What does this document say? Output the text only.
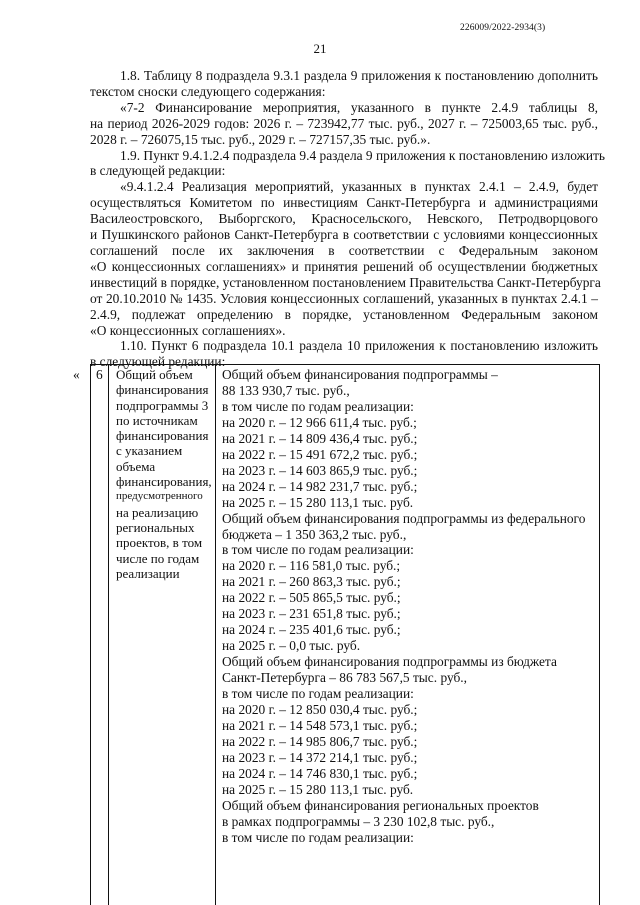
226009/2022-2934(3)
21
1.8. Таблицу 8 подраздела 9.3.1 раздела 9 приложения к постановлению дополнить
текстом сноски следующего содержания:
«7-2 Финансирование мероприятия, указанного в пункте 2.4.9 таблицы 8,
на период 2026-2029 годов: 2026 г. – 723942,77 тыс. руб., 2027 г. – 725003,65 тыс. руб.,
2028 г. – 726075,15 тыс. руб., 2029 г. – 727157,35 тыс. руб.».
1.9. Пункт 9.4.1.2.4 подраздела 9.4 раздела 9 приложения к постановлению изложить
в следующей редакции:
«9.4.1.2.4 Реализация мероприятий, указанных в пунктах 2.4.1 – 2.4.9, будет
осуществляться Комитетом по инвестициям Санкт-Петербурга и администрациями
Василеостровского, Выборгского, Красносельского, Невского, Петродворцового
и Пушкинского районов Санкт-Петербурга в соответствии с условиями концессионных
соглашений после их заключения в соответствии с Федеральным законом
«О концессионных соглашениях» и принятия решений об осуществлении бюджетных
инвестиций в порядке, установленном постановлением Правительства Санкт-Петербурга
от 20.10.2010 № 1435. Условия концессионных соглашений, указанных в пунктах 2.4.1 –
2.4.9, подлежат определению в порядке, установленном Федеральным законом
«О концессионных соглашениях».
1.10. Пункт 6 подраздела 10.1 раздела 10 приложения к постановлению изложить
в следующей редакции:
« 6 Общий объем
финансирования
подпрограммы 3
по источникам
финансирования
с указанием
объема
финансирования,
предусмотренного
на реализацию
региональных
проектов, в том
числе по годам
реализации
Общий объем финансирования подпрограммы –
88 133 930,7 тыс. руб.,
в том числе по годам реализации:
на 2020 г. – 12 966 611,4 тыс. руб.;
на 2021 г. – 14 809 436,4 тыс. руб.;
на 2022 г. – 15 491 672,2 тыс. руб.;
на 2023 г. – 14 603 865,9 тыс. руб.;
на 2024 г. – 14 982 231,7 тыс. руб.;
на 2025 г. – 15 280 113,1 тыс. руб.
Общий объем финансирования подпрограммы из федерального
бюджета – 1 350 363,2 тыс. руб.,
в том числе по годам реализации:
на 2020 г. – 116 581,0 тыс. руб.;
на 2021 г. – 260 863,3 тыс. руб.;
на 2022 г. – 505 865,5 тыс. руб.;
на 2023 г. – 231 651,8 тыс. руб.;
на 2024 г. – 235 401,6 тыс. руб.;
на 2025 г. – 0,0 тыс. руб.
Общий объем финансирования подпрограммы из бюджета
Санкт-Петербурга – 86 783 567,5 тыс. руб.,
в том числе по годам реализации:
на 2020 г. – 12 850 030,4 тыс. руб.;
на 2021 г. – 14 548 573,1 тыс. руб.;
на 2022 г. – 14 985 806,7 тыс. руб.;
на 2023 г. – 14 372 214,1 тыс. руб.;
на 2024 г. – 14 746 830,1 тыс. руб.;
на 2025 г. – 15 280 113,1 тыс. руб.
Общий объем финансирования региональных проектов
в рамках подпрограммы – 3 230 102,8 тыс. руб.,
в том числе по годам реализации:
